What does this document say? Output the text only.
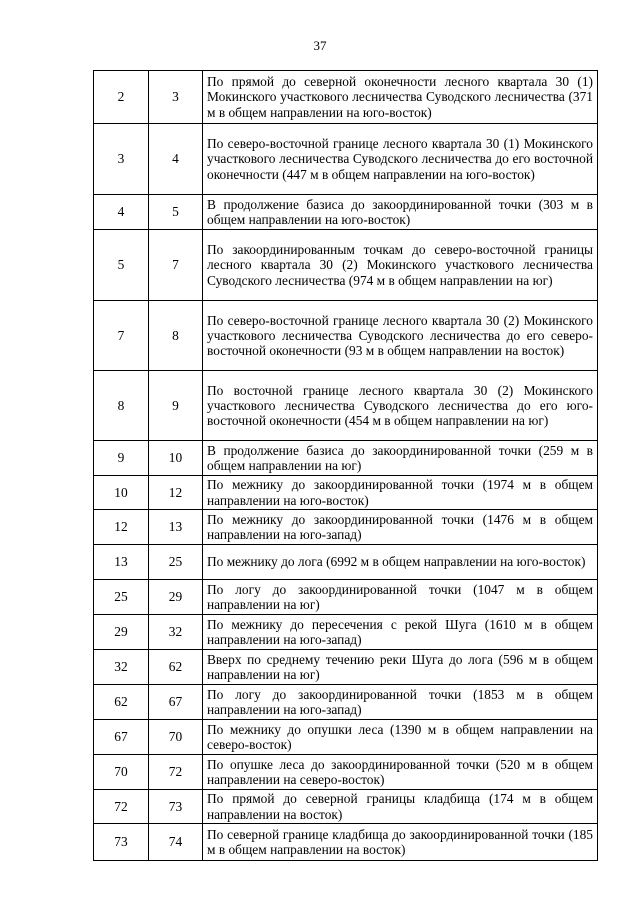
37
2	3	По прямой до северной оконечности лесного квартала 30 (1) Мокинского участкового лесничества Суводского лесничества (371 м в общем направлении на юго-восток)
3	4	По северо-восточной границе лесного квартала 30 (1) Мокинского участкового лесничества Суводского лесничества до его восточной оконечности (447 м в общем направлении на юго-восток)
4	5	В продолжение базиса до закоординированной точки (303 м в общем направлении на юго-восток)
5	7	По закоординированным точкам до северо-восточной границы лесного квартала 30 (2) Мокинского участкового лесничества Суводского лесничества (974 м в общем направлении на юг)
7	8	По северо-восточной границе лесного квартала 30 (2) Мокинского участкового лесничества Суводского лесничества до его северо-восточной оконечности (93 м в общем направлении на восток)
8	9	По восточной границе лесного квартала 30 (2) Мокинского участкового лесничества Суводского лесничества до его юго-восточной оконечности (454 м в общем направлении на юг)
9	10	В продолжение базиса до закоординированной точки (259 м в общем направлении на юг)
10	12	По межнику до закоординированной точки (1974 м в общем направлении на юго-восток)
12	13	По межнику до закоординированной точки (1476 м в общем направлении на юго-запад)
13	25	По межнику до лога (6992 м в общем направлении на юго-восток)
25	29	По логу до закоординированной точки (1047 м в общем направлении на юг)
29	32	По межнику до пересечения с рекой Шуга (1610 м в общем направлении на юго-запад)
32	62	Вверх по среднему течению реки Шуга до лога (596 м в общем направлении на юг)
62	67	По логу до закоординированной точки (1853 м в общем направлении на юго-запад)
67	70	По межнику до опушки леса (1390 м в общем направлении на северо-восток)
70	72	По опушке леса до закоординированной точки (520 м в общем направлении на северо-восток)
72	73	По прямой до северной границы кладбища (174 м в общем направлении на восток)
73	74	По северной границе кладбища до закоординированной точки (185 м в общем направлении на восток)
